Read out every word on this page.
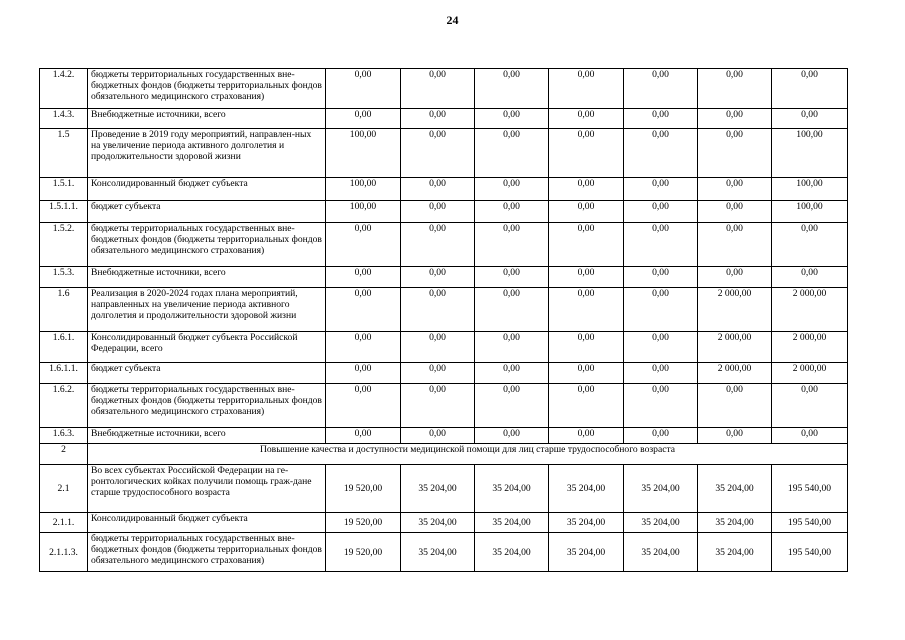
24
1.4.2.	бюджеты территориальных государственных вне-бюджетных фондов (бюджеты территориальных фондов обязательного медицинского страхования)	0,00	0,00	0,00	0,00	0,00	0,00	0,00
1.4.3.	Внебюджетные источники, всего	0,00	0,00	0,00	0,00	0,00	0,00	0,00
1.5	Проведение в 2019 году мероприятий, направлен-ных на увеличение периода активного долголетия и продолжительности здоровой жизни	100,00	0,00	0,00	0,00	0,00	0,00	100,00
1.5.1.	Консолидированный бюджет субъекта	100,00	0,00	0,00	0,00	0,00	0,00	100,00
1.5.1.1.	бюджет субъекта	100,00	0,00	0,00	0,00	0,00	0,00	100,00
1.5.2.	бюджеты территориальных государственных вне-бюджетных фондов (бюджеты территориальных фондов обязательного медицинского страхования)	0,00	0,00	0,00	0,00	0,00	0,00	0,00
1.5.3.	Внебюджетные источники, всего	0,00	0,00	0,00	0,00	0,00	0,00	0,00
1.6	Реализация в 2020-2024 годах плана мероприятий, направленных на увеличение периода активного долголетия и продолжительности здоровой жизни	0,00	0,00	0,00	0,00	0,00	2 000,00	2 000,00
1.6.1.	Консолидированный бюджет субъекта Российской Федерации, всего	0,00	0,00	0,00	0,00	0,00	2 000,00	2 000,00
1.6.1.1.	бюджет субъекта	0,00	0,00	0,00	0,00	0,00	2 000,00	2 000,00
1.6.2.	бюджеты территориальных государственных вне-бюджетных фондов (бюджеты территориальных фондов обязательного медицинского страхования)	0,00	0,00	0,00	0,00	0,00	0,00	0,00
1.6.3.	Внебюджетные источники, всего	0,00	0,00	0,00	0,00	0,00	0,00	0,00
2	Повышение качества и доступности медицинской помощи для лиц старше трудоспособного возраста							
2.1	Во всех субъектах Российской Федерации на ге-ронтологических койках получили помощь граж-дане старше трудоспособного возраста	19 520,00	35 204,00	35 204,00	35 204,00	35 204,00	35 204,00	195 540,00
2.1.1.	Консолидированный бюджет субъекта	19 520,00	35 204,00	35 204,00	35 204,00	35 204,00	35 204,00	195 540,00
2.1.1.3.	бюджеты территориальных государственных вне-бюджетных фондов (бюджеты территориальных фондов обязательного медицинского страхования)	19 520,00	35 204,00	35 204,00	35 204,00	35 204,00	35 204,00	195 540,00
